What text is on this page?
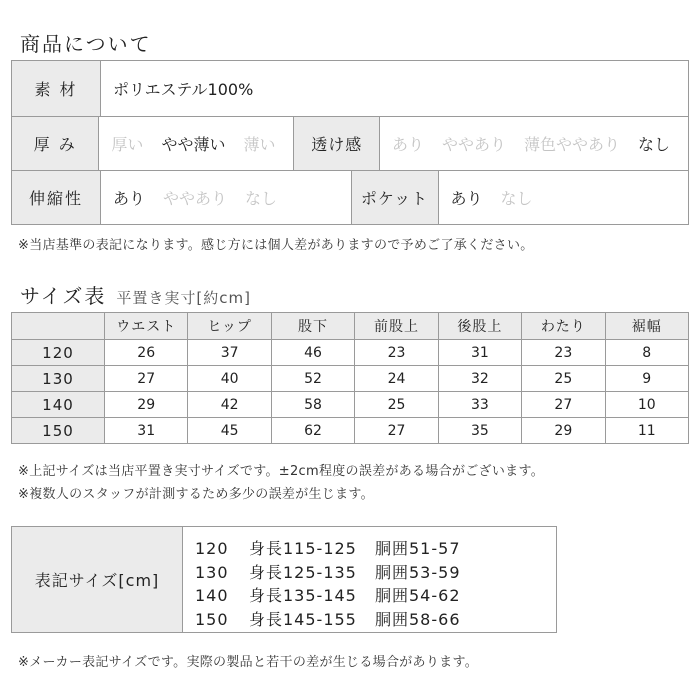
商品について
素 材	ポリエステル100%
厚 み	厚い やや薄い 薄い	透け感	あり ややあり 薄色ややあり なし
伸縮性	あり ややあり なし	ポケット	あり なし
※当店基準の表記になります。感じ方には個人差がありますので予めご了承ください。
サイズ表 平置き実寸[約cm]
	ウエスト	ヒップ	股下	前股上	後股上	わたり	裾幅
120	26	37	46	23	31	23	8
130	27	40	52	24	32	25	9
140	29	42	58	25	33	27	10
150	31	45	62	27	35	29	11
※上記サイズは当店平置き実寸サイズです。±2cm程度の誤差がある場合がございます。
※複数人のスタッフが計測するため多少の誤差が生じます。
表記サイズ[cm]
120 身長115-125 胴囲51-57
130 身長125-135 胴囲53-59
140 身長135-145 胴囲54-62
150 身長145-155 胴囲58-66
※メーカー表記サイズです。実際の製品と若干の差が生じる場合があります。
